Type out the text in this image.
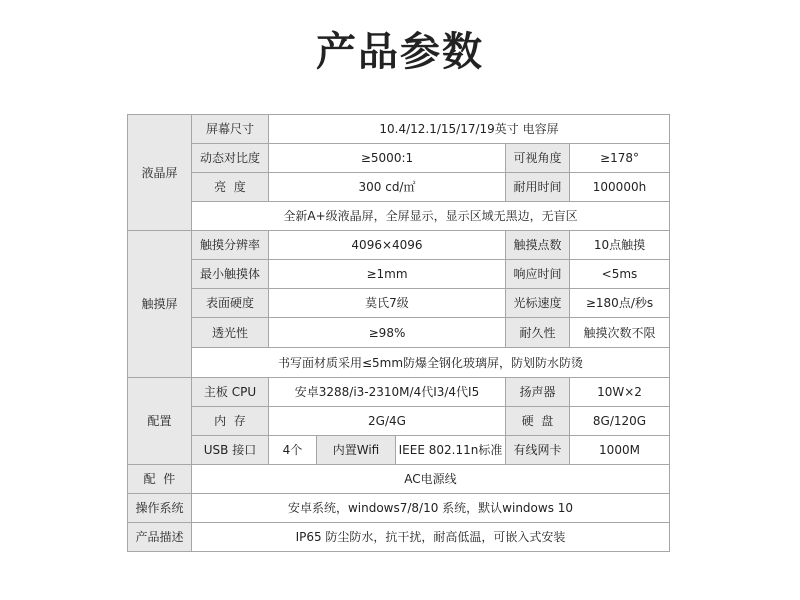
产品参数
液晶屏	屏幕尺寸	10.4/12.1/15/17/19英寸 电容屏				
	动态对比度	≥5000:1			可视角度	≥178°
	亮  度	300 cd/㎡			耐用时间	100000h
	全新A+级液晶屏，全屏显示，显示区域无黑边，无盲区					
触摸屏	触摸分辨率	4096×4096			触摸点数	10点触摸
	最小触摸体	≥1mm			响应时间	<5ms
	表面硬度	莫氏7级			光标速度	≥180点/秒s
	透光性	≥98%			耐久性	触摸次数不限
	书写面材质采用≤5mm防爆全钢化玻璃屏，防划防水防烫					
配置	主板 CPU	安卓3288/i3-2310M/4代I3/4代I5			扬声器	10W×2
	内  存	2G/4G			硬  盘	8G/120G
	USB 接口	4个	内置Wifi	IEEE 802.11n标准	有线网卡	1000M
配  件	AC电源线					
操作系统	安卓系统，windows7/8/10 系统，默认windows 10					
产品描述	IP65 防尘防水，抗干扰，耐高低温，可嵌入式安装					
